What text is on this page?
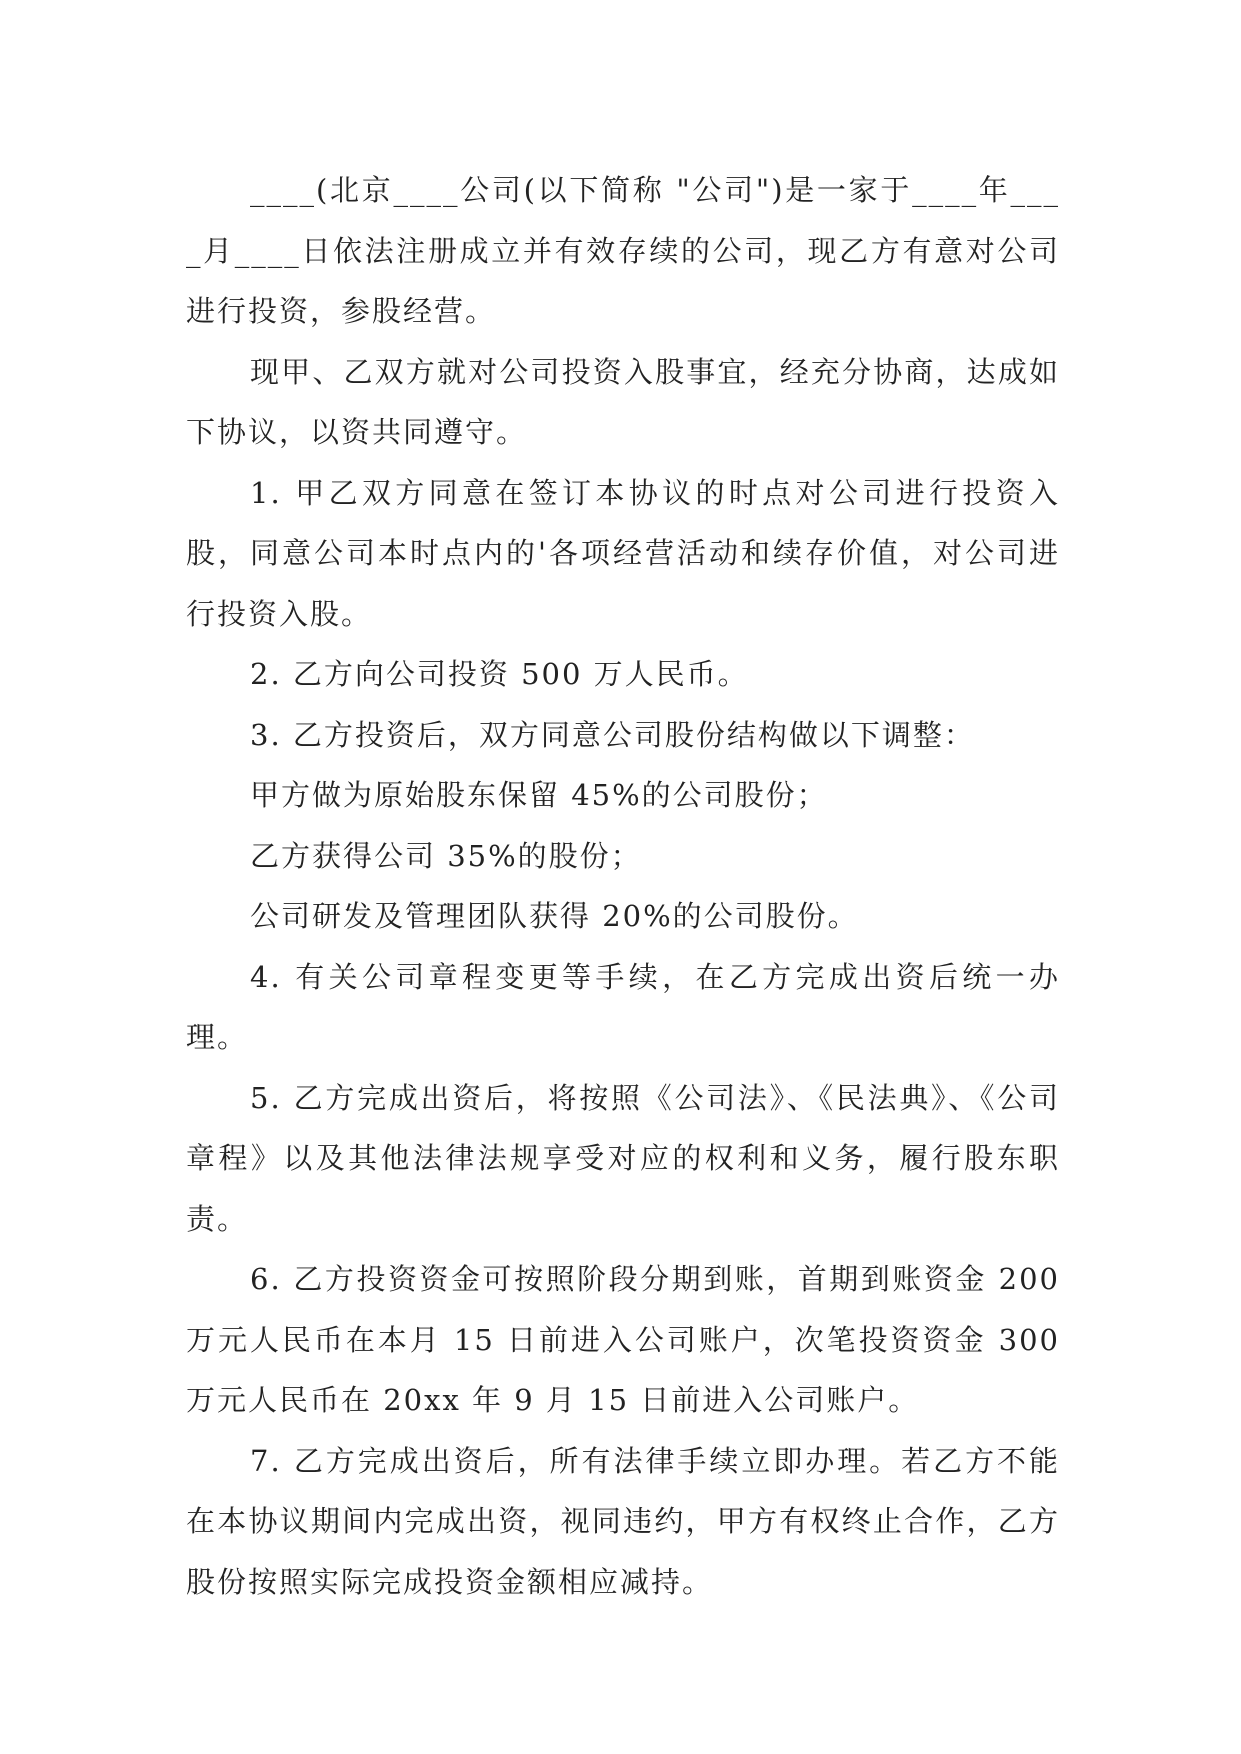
____(北京____公司(以下简称 "公司")是一家于____年____月____日依法注册成立并有效存续的公司，现乙方有意对公司进行投资，参股经营。

现甲、乙双方就对公司投资入股事宜，经充分协商，达成如下协议，以资共同遵守。

1. 甲乙双方同意在签订本协议的时点对公司进行投资入股，同意公司本时点内的'各项经营活动和续存价值，对公司进行投资入股。

2. 乙方向公司投资 500 万人民币。

3. 乙方投资后，双方同意公司股份结构做以下调整：

甲方做为原始股东保留 45%的公司股份；

乙方获得公司 35%的股份；

公司研发及管理团队获得 20%的公司股份。

4. 有关公司章程变更等手续，在乙方完成出资后统一办理。

5. 乙方完成出资后，将按照《公司法》、《民法典》、《公司章程》以及其他法律法规享受对应的权利和义务，履行股东职责。

6. 乙方投资资金可按照阶段分期到账，首期到账资金 200 万元人民币在本月 15 日前进入公司账户，次笔投资资金 300 万元人民币在 20xx 年 9 月 15 日前进入公司账户。

7. 乙方完成出资后，所有法律手续立即办理。若乙方不能在本协议期间内完成出资，视同违约，甲方有权终止合作，乙方股份按照实际完成投资金额相应减持。
